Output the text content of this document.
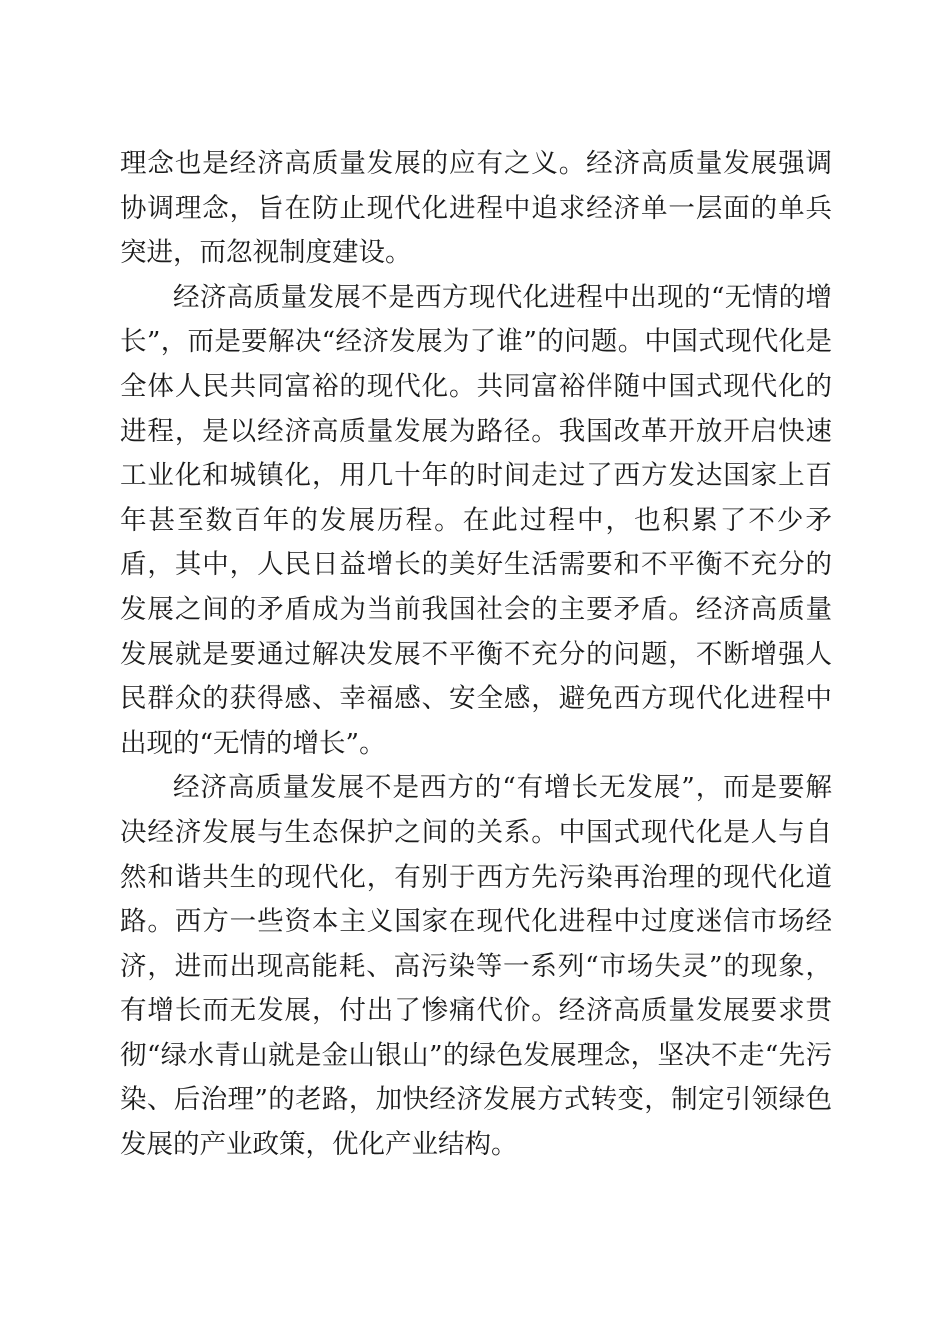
理念也是经济高质量发展的应有之义。经济高质量发展强调协调理念，旨在防止现代化进程中追求经济单一层面的单兵突进，而忽视制度建设。

经济高质量发展不是西方现代化进程中出现的“无情的增长”，而是要解决“经济发展为了谁”的问题。中国式现代化是全体人民共同富裕的现代化。共同富裕伴随中国式现代化的进程，是以经济高质量发展为路径。我国改革开放开启快速工业化和城镇化，用几十年的时间走过了西方发达国家上百年甚至数百年的发展历程。在此过程中，也积累了不少矛盾，其中，人民日益增长的美好生活需要和不平衡不充分的发展之间的矛盾成为当前我国社会的主要矛盾。经济高质量发展就是要通过解决发展不平衡不充分的问题，不断增强人民群众的获得感、幸福感、安全感，避免西方现代化进程中出现的“无情的增长”。

经济高质量发展不是西方的“有增长无发展”，而是要解决经济发展与生态保护之间的关系。中国式现代化是人与自然和谐共生的现代化，有别于西方先污染再治理的现代化道路。西方一些资本主义国家在现代化进程中过度迷信市场经济，进而出现高能耗、高污染等一系列“市场失灵”的现象，有增长而无发展，付出了惨痛代价。经济高质量发展要求贯彻“绿水青山就是金山银山”的绿色发展理念，坚决不走“先污染、后治理”的老路，加快经济发展方式转变，制定引领绿色发展的产业政策，优化产业结构。
